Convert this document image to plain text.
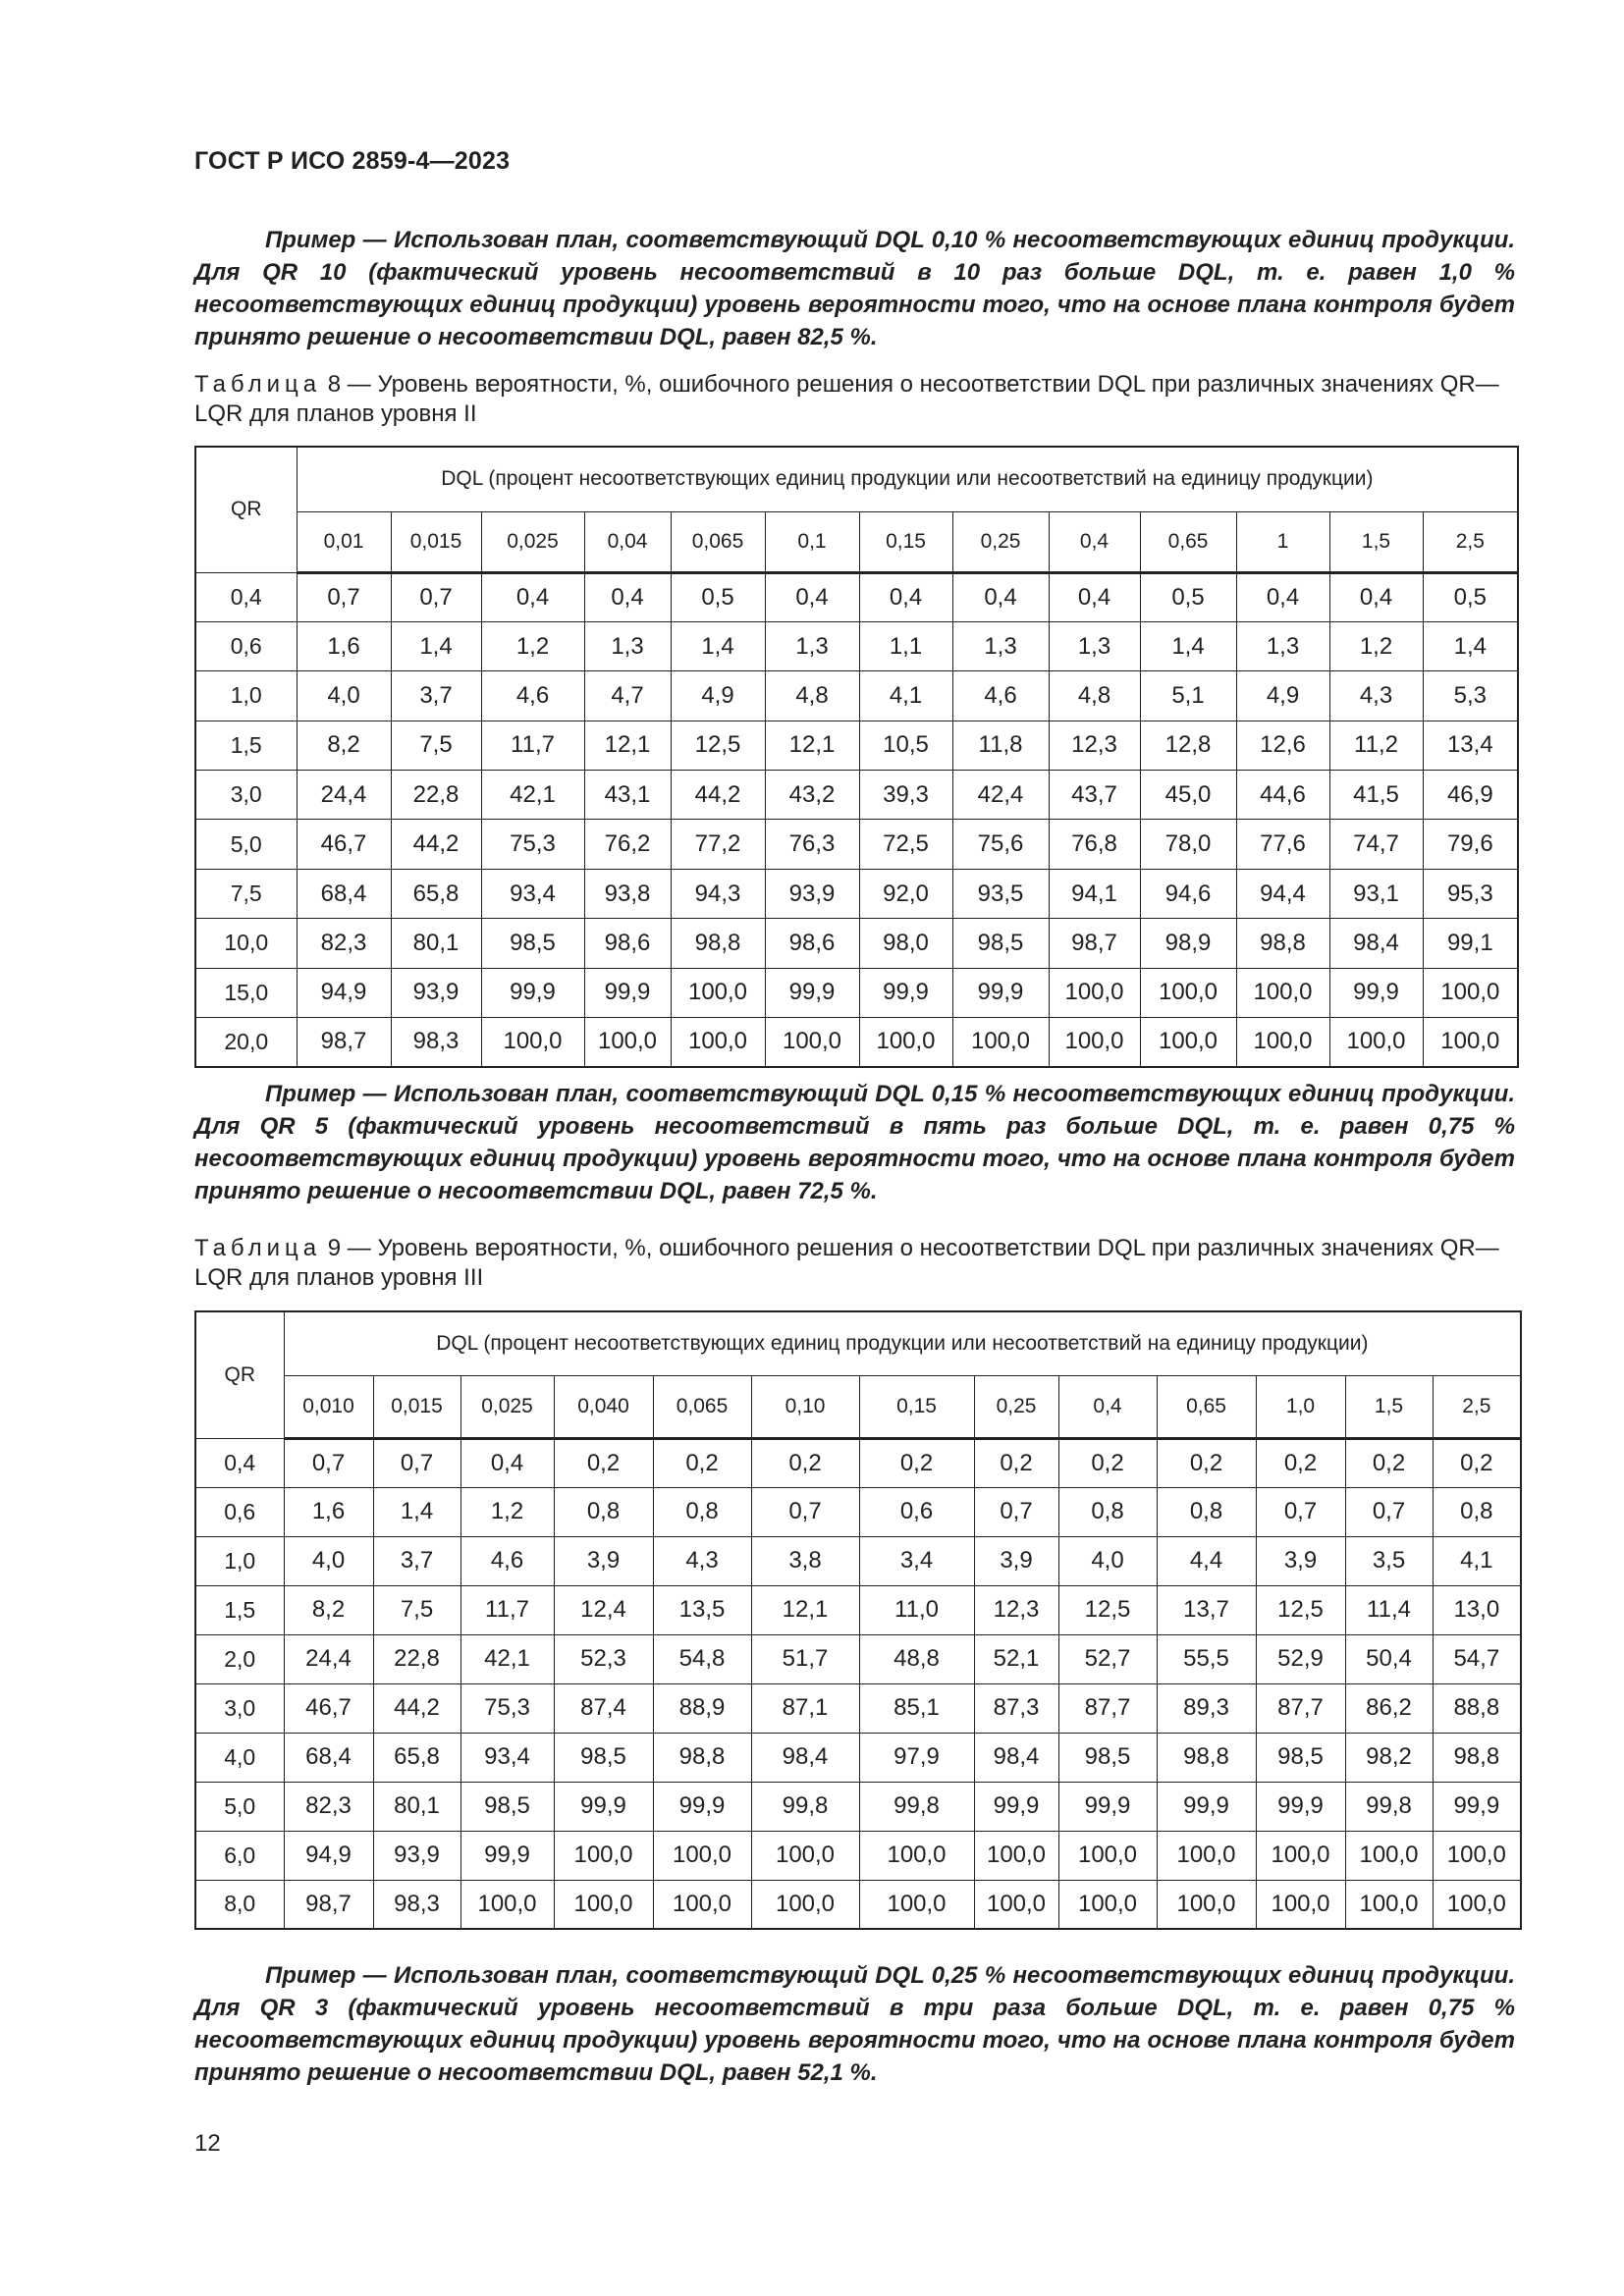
ГОСТ Р ИСО 2859-4—2023

Пример — Использован план, соответствующий DQL 0,10 % несоответствующих единиц продукции. Для QR 10 (фактический уровень несоответствий в 10 раз больше DQL, т. е. равен 1,0 % несоответствующих единиц продукции) уровень вероятности того, что на основе плана контроля будет принято решение о несоответствии DQL, равен 82,5 %.

Таблица 8 — Уровень вероятности, %, ошибочного решения о несоответствии DQL при различных значениях QR—LQR для планов уровня II

QR	DQL (процент несоответствующих единиц продукции или несоответствий на единицу продукции)												
	0,01	0,015	0,025	0,04	0,065	0,1	0,15	0,25	0,4	0,65	1	1,5	2,5
0,4	0,7	0,7	0,4	0,4	0,5	0,4	0,4	0,4	0,4	0,5	0,4	0,4	0,5
0,6	1,6	1,4	1,2	1,3	1,4	1,3	1,1	1,3	1,3	1,4	1,3	1,2	1,4
1,0	4,0	3,7	4,6	4,7	4,9	4,8	4,1	4,6	4,8	5,1	4,9	4,3	5,3
1,5	8,2	7,5	11,7	12,1	12,5	12,1	10,5	11,8	12,3	12,8	12,6	11,2	13,4
3,0	24,4	22,8	42,1	43,1	44,2	43,2	39,3	42,4	43,7	45,0	44,6	41,5	46,9
5,0	46,7	44,2	75,3	76,2	77,2	76,3	72,5	75,6	76,8	78,0	77,6	74,7	79,6
7,5	68,4	65,8	93,4	93,8	94,3	93,9	92,0	93,5	94,1	94,6	94,4	93,1	95,3
10,0	82,3	80,1	98,5	98,6	98,8	98,6	98,0	98,5	98,7	98,9	98,8	98,4	99,1
15,0	94,9	93,9	99,9	99,9	100,0	99,9	99,9	99,9	100,0	100,0	100,0	99,9	100,0
20,0	98,7	98,3	100,0	100,0	100,0	100,0	100,0	100,0	100,0	100,0	100,0	100,0	100,0

Пример — Использован план, соответствующий DQL 0,15 % несоответствующих единиц продукции. Для QR 5 (фактический уровень несоответствий в пять раз больше DQL, т. е. равен 0,75 % несоответствующих единиц продукции) уровень вероятности того, что на основе плана контроля будет принято решение о несоответствии DQL, равен 72,5 %.

Таблица 9 — Уровень вероятности, %, ошибочного решения о несоответствии DQL при различных значениях QR—LQR для планов уровня III

QR	DQL (процент несоответствующих единиц продукции или несоответствий на единицу продукции)												
	0,010	0,015	0,025	0,040	0,065	0,10	0,15	0,25	0,4	0,65	1,0	1,5	2,5
0,4	0,7	0,7	0,4	0,2	0,2	0,2	0,2	0,2	0,2	0,2	0,2	0,2	0,2
0,6	1,6	1,4	1,2	0,8	0,8	0,7	0,6	0,7	0,8	0,8	0,7	0,7	0,8
1,0	4,0	3,7	4,6	3,9	4,3	3,8	3,4	3,9	4,0	4,4	3,9	3,5	4,1
1,5	8,2	7,5	11,7	12,4	13,5	12,1	11,0	12,3	12,5	13,7	12,5	11,4	13,0
2,0	24,4	22,8	42,1	52,3	54,8	51,7	48,8	52,1	52,7	55,5	52,9	50,4	54,7
3,0	46,7	44,2	75,3	87,4	88,9	87,1	85,1	87,3	87,7	89,3	87,7	86,2	88,8
4,0	68,4	65,8	93,4	98,5	98,8	98,4	97,9	98,4	98,5	98,8	98,5	98,2	98,8
5,0	82,3	80,1	98,5	99,9	99,9	99,8	99,8	99,9	99,9	99,9	99,9	99,8	99,9
6,0	94,9	93,9	99,9	100,0	100,0	100,0	100,0	100,0	100,0	100,0	100,0	100,0	100,0
8,0	98,7	98,3	100,0	100,0	100,0	100,0	100,0	100,0	100,0	100,0	100,0	100,0	100,0

Пример — Использован план, соответствующий DQL 0,25 % несоответствующих единиц продукции. Для QR 3 (фактический уровень несоответствий в три раза больше DQL, т. е. равен 0,75 % несоответствующих единиц продукции) уровень вероятности того, что на основе плана контроля будет принято решение о несоответствии DQL, равен 52,1 %.

12
